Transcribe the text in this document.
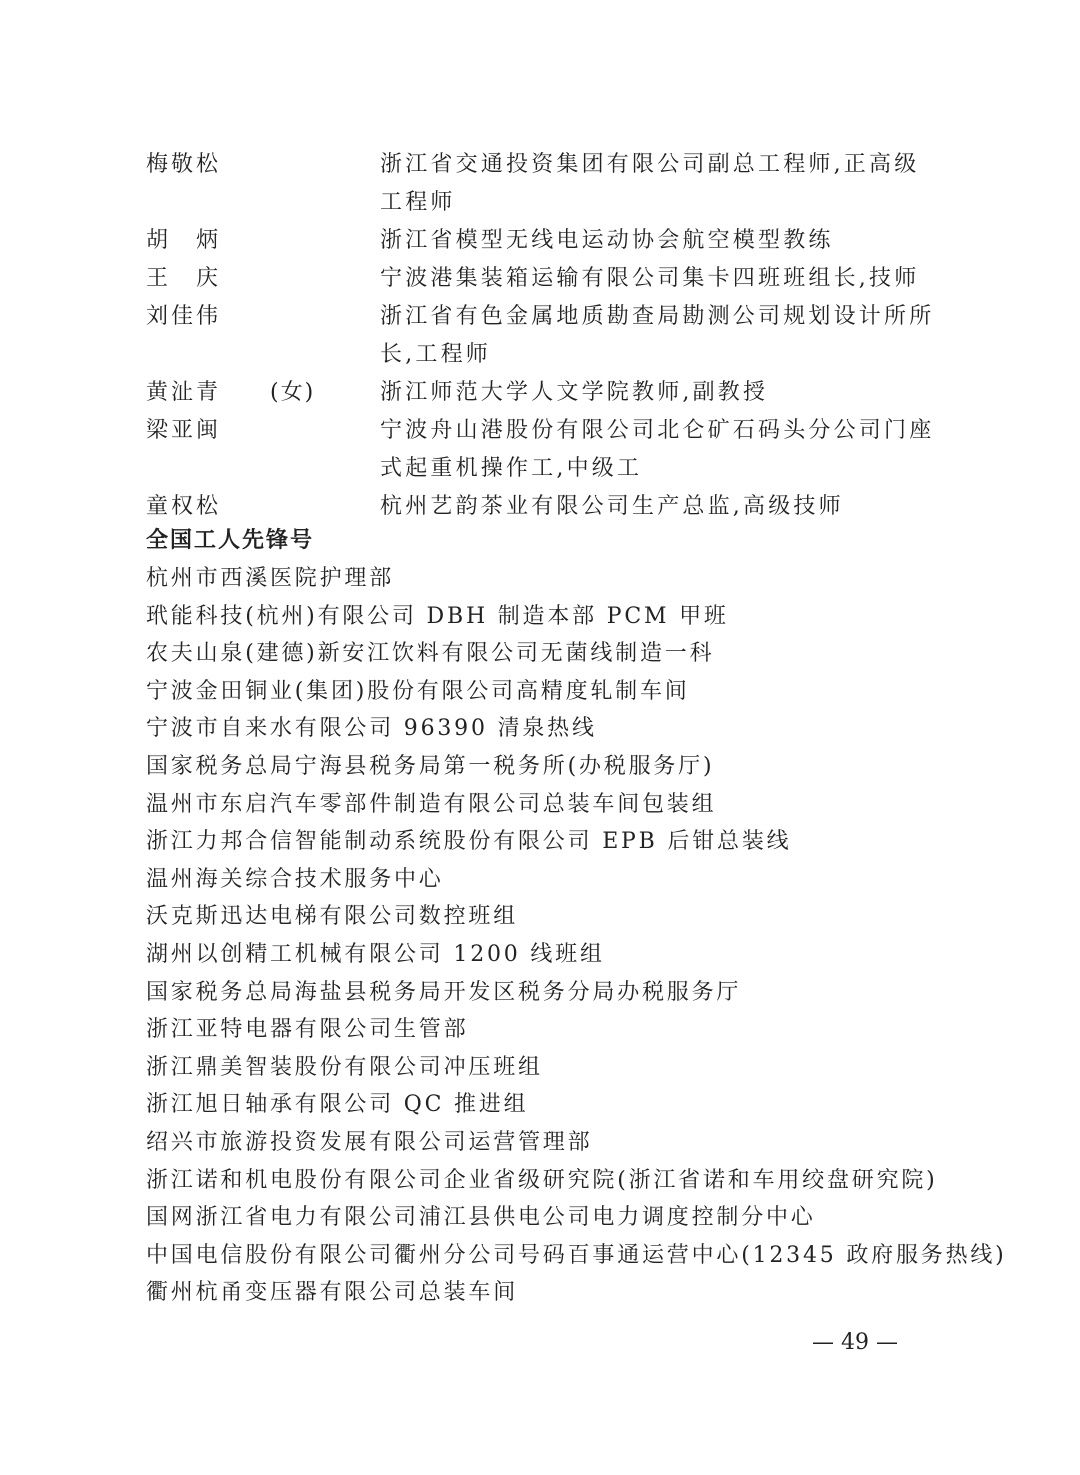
梅敬松	浙江省交通投资集团有限公司副总工程师,正高级工程师
胡　炳	浙江省模型无线电运动协会航空模型教练
王　庆	宁波港集装箱运输有限公司集卡四班班组长,技师
刘佳伟	浙江省有色金属地质勘查局勘测公司规划设计所所长,工程师
黄沚青	(女)	浙江师范大学人文学院教师,副教授
梁亚闽	宁波舟山港股份有限公司北仑矿石码头分公司门座式起重机操作工,中级工
童权松	杭州艺韵茶业有限公司生产总监,高级技师
全国工人先锋号
杭州市西溪医院护理部
玳能科技(杭州)有限公司 DBH 制造本部 PCM 甲班
农夫山泉(建德)新安江饮料有限公司无菌线制造一科
宁波金田铜业(集团)股份有限公司高精度轧制车间
宁波市自来水有限公司 96390 清泉热线
国家税务总局宁海县税务局第一税务所(办税服务厅)
温州市东启汽车零部件制造有限公司总装车间包装组
浙江力邦合信智能制动系统股份有限公司 EPB 后钳总装线
温州海关综合技术服务中心
沃克斯迅达电梯有限公司数控班组
湖州以创精工机械有限公司 1200 线班组
国家税务总局海盐县税务局开发区税务分局办税服务厅
浙江亚特电器有限公司生管部
浙江鼎美智装股份有限公司冲压班组
浙江旭日轴承有限公司 QC 推进组
绍兴市旅游投资发展有限公司运营管理部
浙江诺和机电股份有限公司企业省级研究院(浙江省诺和车用绞盘研究院)
国网浙江省电力有限公司浦江县供电公司电力调度控制分中心
中国电信股份有限公司衢州分公司号码百事通运营中心(12345 政府服务热线)
衢州杭甬变压器有限公司总装车间
— 49 —
